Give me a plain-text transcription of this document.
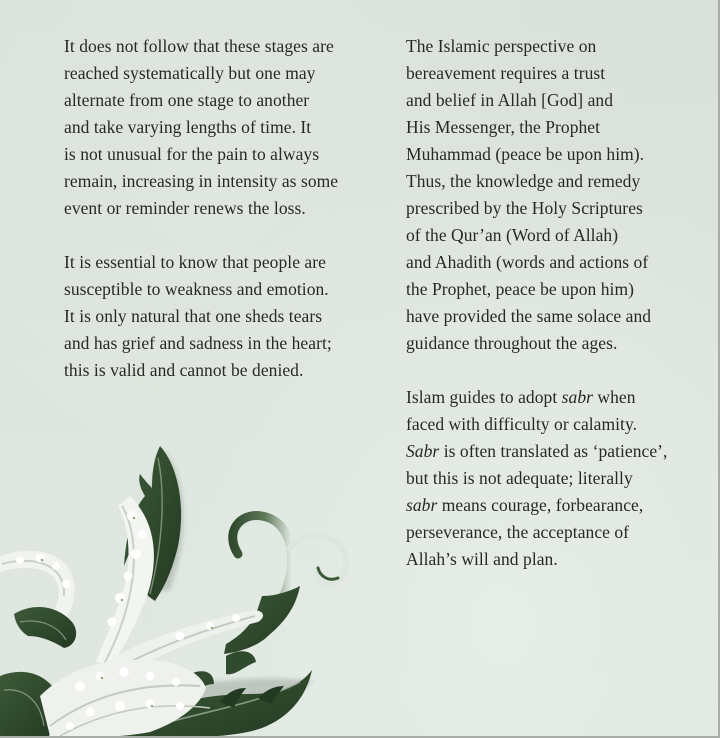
It does not follow that these stages are
reached systematically but one may
alternate from one stage to another
and take varying lengths of time. It
is not unusual for the pain to always
remain, increasing in intensity as some
event or reminder renews the loss.

It is essential to know that people are
susceptible to weakness and emotion.
It is only natural that one sheds tears
and has grief and sadness in the heart;
this is valid and cannot be denied.

The Islamic perspective on
bereavement requires a trust
and belief in Allah [God] and
His Messenger, the Prophet
Muhammad (peace be upon him).
Thus, the knowledge and remedy
prescribed by the Holy Scriptures
of the Qur’an (Word of Allah)
and Ahadith (words and actions of
the Prophet, peace be upon him)
have provided the same solace and
guidance throughout the ages.

Islam guides to adopt sabr when
faced with difficulty or calamity.
Sabr is often translated as ‘patience’,
but this is not adequate; literally
sabr means courage, forbearance,
perseverance, the acceptance of
Allah’s will and plan.
